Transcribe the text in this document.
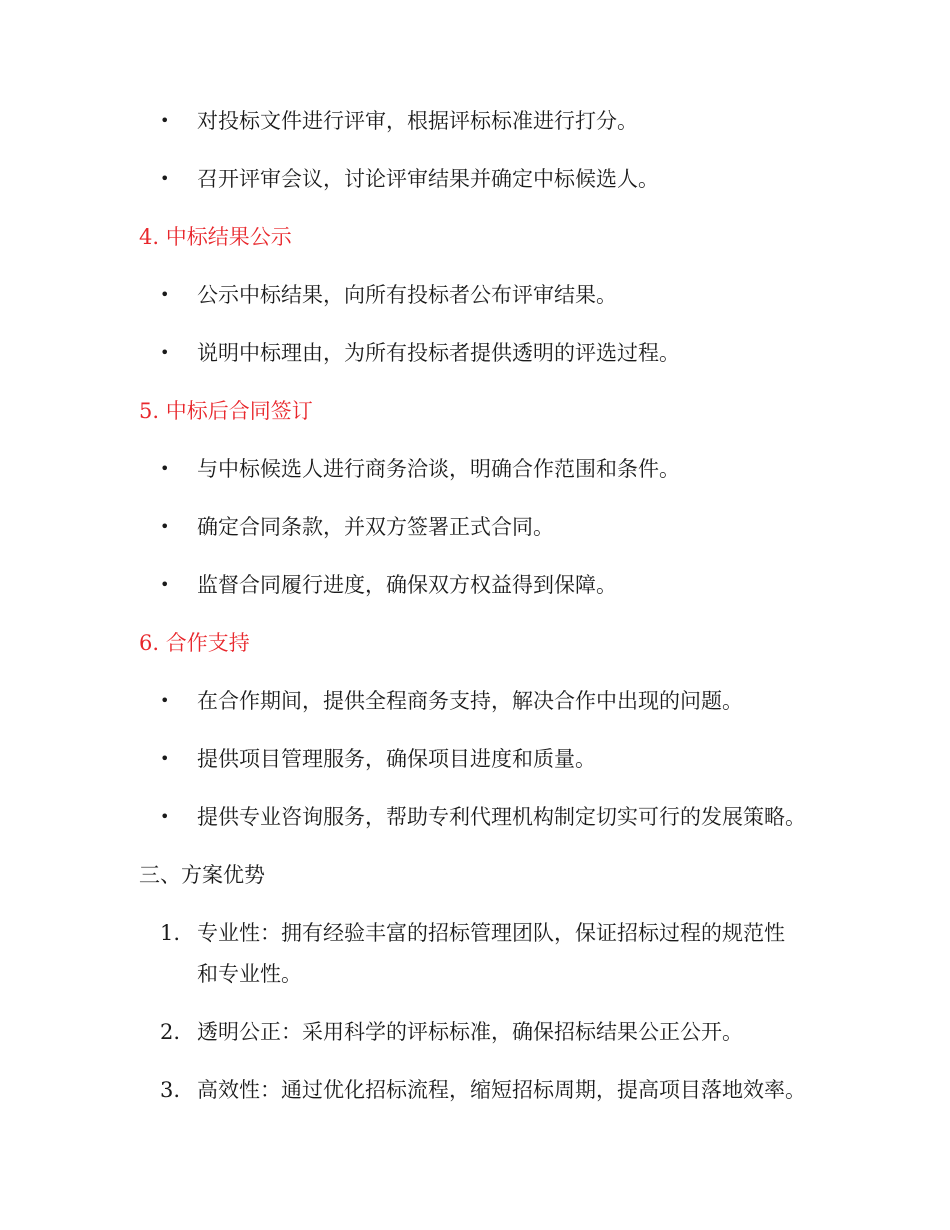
• 对投标文件进行评审，根据评标标准进行打分。
• 召开评审会议，讨论评审结果并确定中标候选人。
4. 中标结果公示
• 公示中标结果，向所有投标者公布评审结果。
• 说明中标理由，为所有投标者提供透明的评选过程。
5. 中标后合同签订
• 与中标候选人进行商务洽谈，明确合作范围和条件。
• 确定合同条款，并双方签署正式合同。
• 监督合同履行进度，确保双方权益得到保障。
6. 合作支持
• 在合作期间，提供全程商务支持，解决合作中出现的问题。
• 提供项目管理服务，确保项目进度和质量。
• 提供专业咨询服务，帮助专利代理机构制定切实可行的发展策略。
三、方案优势
1. 专业性：拥有经验丰富的招标管理团队，保证招标过程的规范性
和专业性。
2. 透明公正：采用科学的评标标准，确保招标结果公正公开。
3. 高效性：通过优化招标流程，缩短招标周期，提高项目落地效率。
